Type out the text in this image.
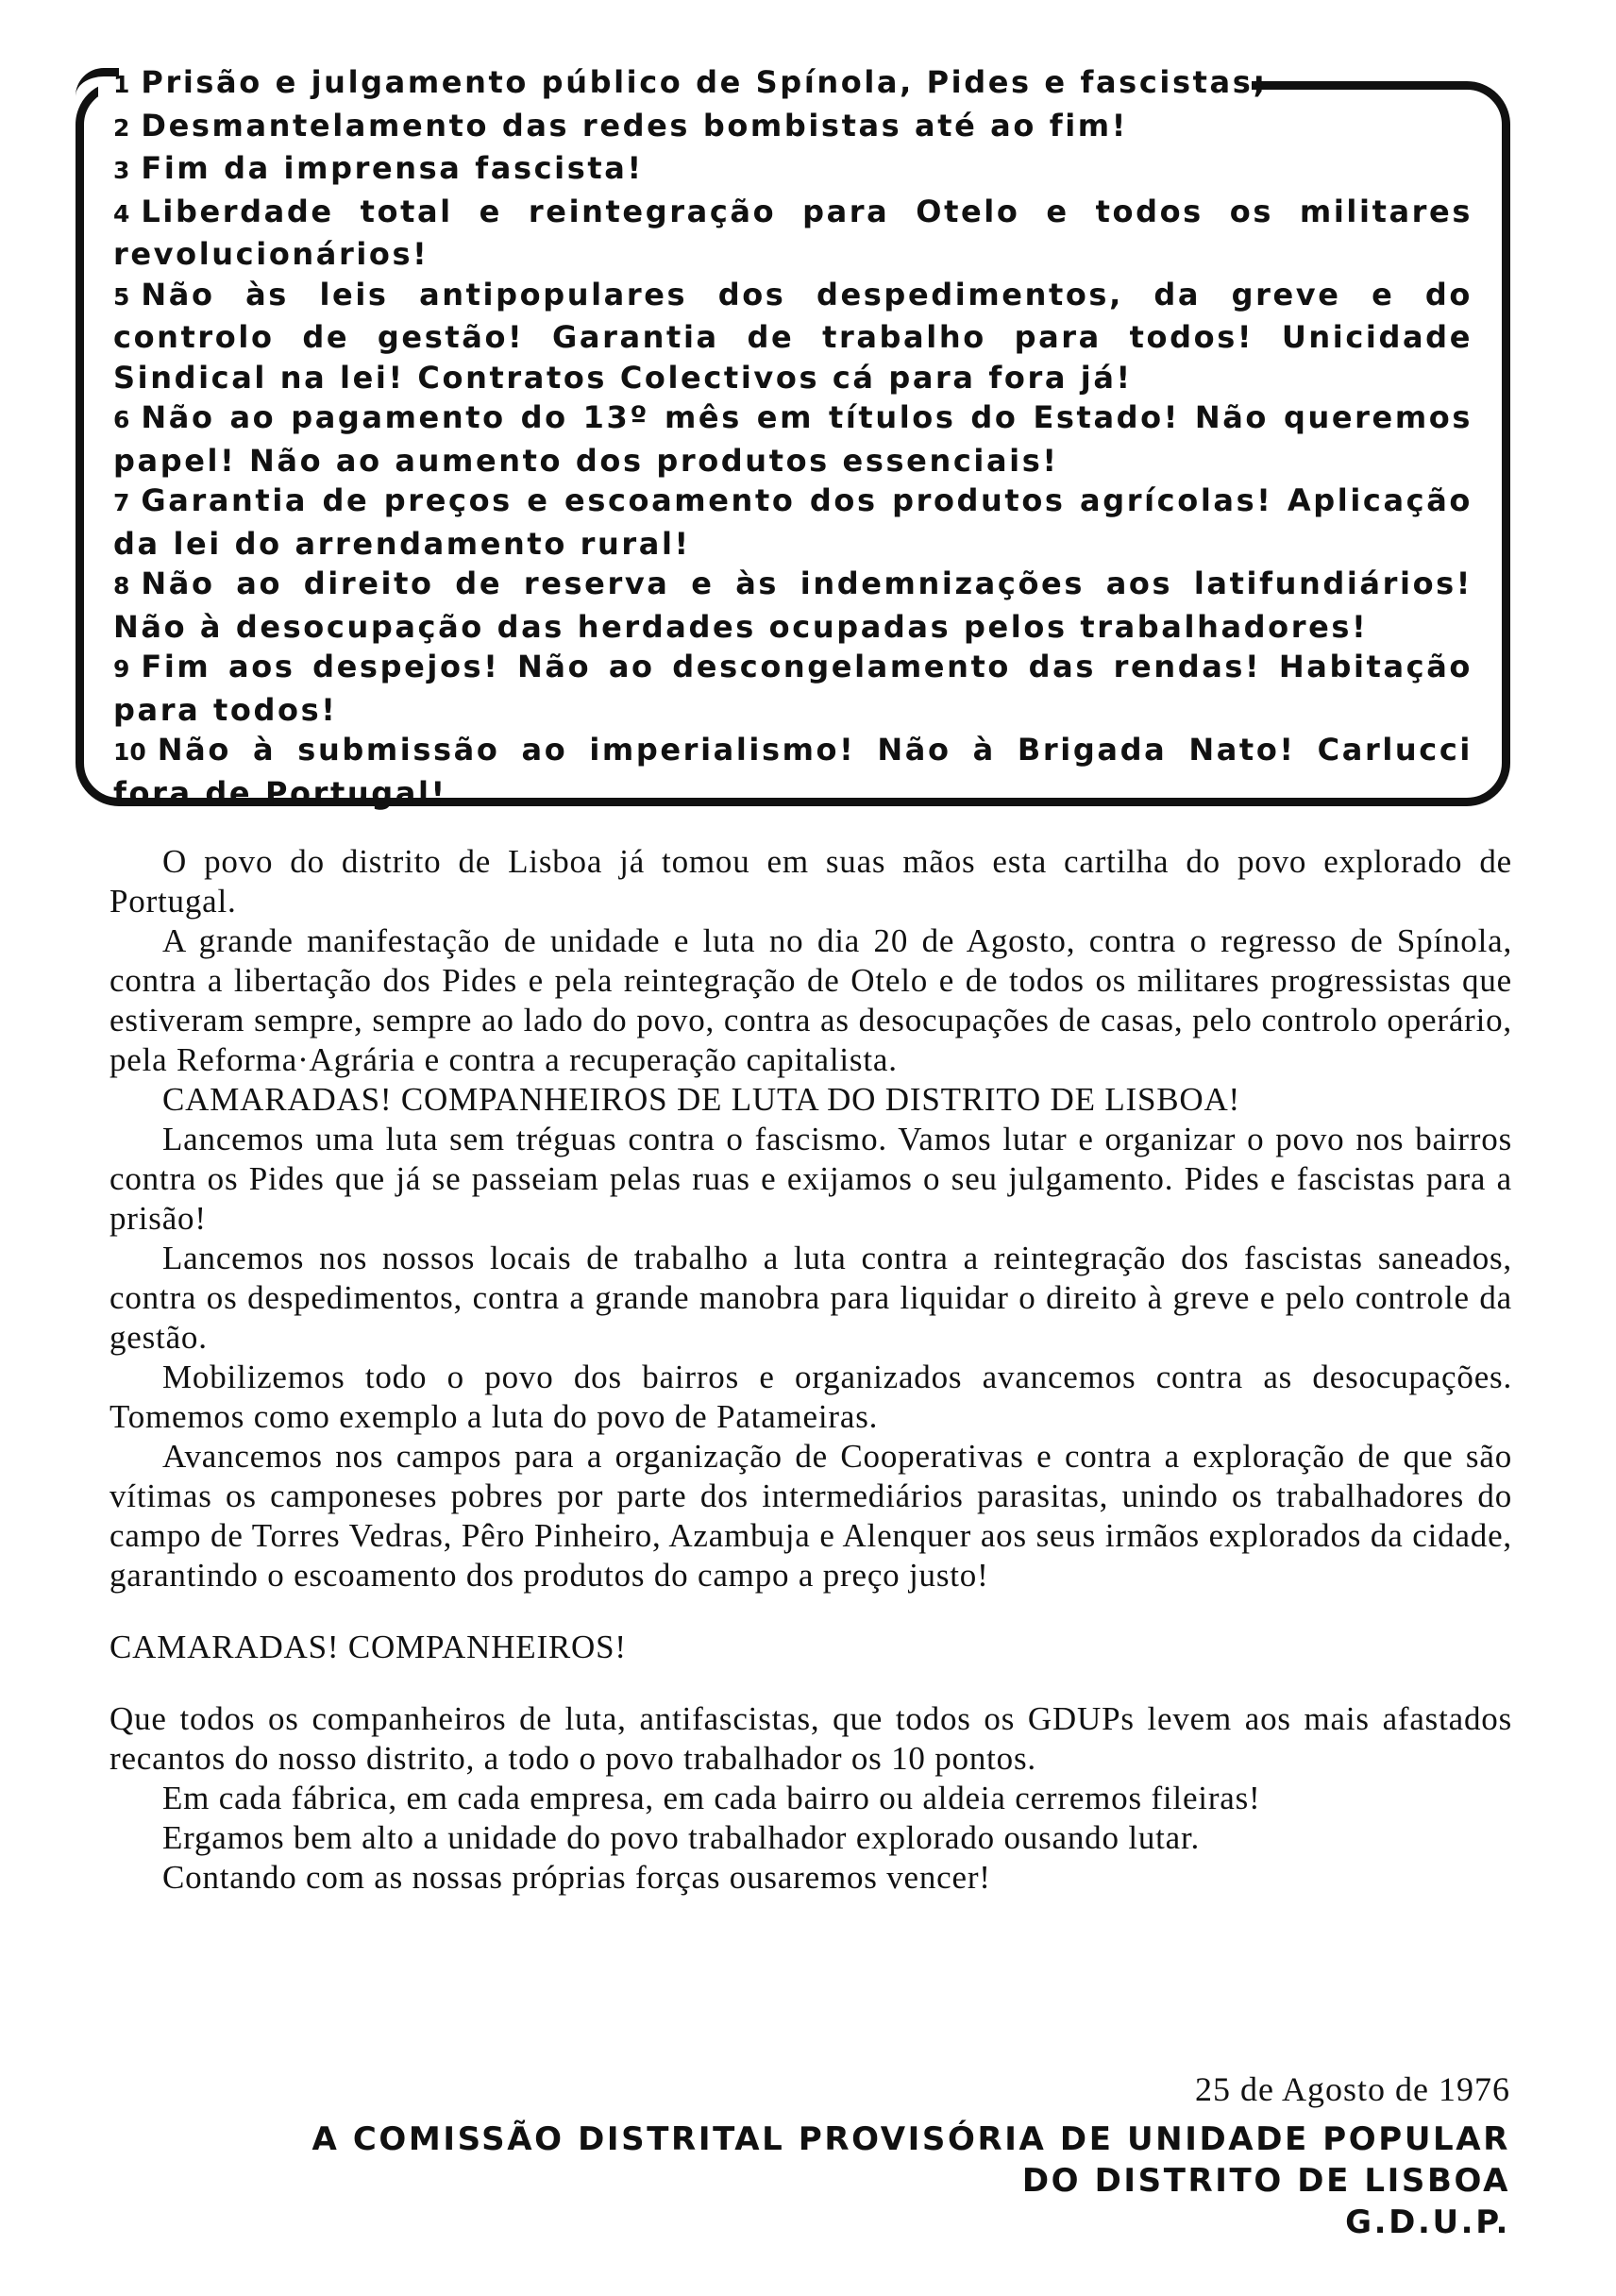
1 Prisão e julgamento público de Spínola, Pides e fascistas;

2 Desmantelamento das redes bombistas até ao fim!

3 Fim da imprensa fascista!

4 Liberdade total e reintegração para Otelo e todos os militares revolucionários!

5 Não às leis antipopulares dos despedimentos, da greve e do controlo de gestão! Garantia de trabalho para todos! Unicidade Sindical na lei! Contratos Colectivos cá para fora já!

6 Não ao pagamento do 13º mês em títulos do Estado! Não queremos papel! Não ao aumento dos produtos essenciais!

7 Garantia de preços e escoamento dos produtos agrícolas! Aplicação da lei do arrendamento rural!

8 Não ao direito de reserva e às indemnizações aos latifundiários! Não à desocupação das herdades ocupadas pelos trabalhadores!

9 Fim aos despejos! Não ao descongelamento das rendas! Habitação para todos!

10 Não à submissão ao imperialismo! Não à Brigada Nato! Carlucci fora de Portugal!

O povo do distrito de Lisboa já tomou em suas mãos esta cartilha do povo explorado de Portugal.

A grande manifestação de unidade e luta no dia 20 de Agosto, contra o regresso de Spínola, contra a libertação dos Pides e pela reintegração de Otelo e de todos os militares progressistas que estiveram sempre, sempre ao lado do povo, contra as desocupações de casas, pelo controlo operário, pela Reforma·Agrária e contra a recuperação capitalista.

CAMARADAS! COMPANHEIROS DE LUTA DO DISTRITO DE LISBOA!

Lancemos uma luta sem tréguas contra o fascismo. Vamos lutar e organizar o povo nos bairros contra os Pides que já se passeiam pelas ruas e exijamos o seu julgamento. Pides e fascistas para a prisão!

Lancemos nos nossos locais de trabalho a luta contra a reintegração dos fascistas saneados, contra os despedimentos, contra a grande manobra para liquidar o direito à greve e pelo controle da gestão.

Mobilizemos todo o povo dos bairros e organizados avancemos contra as desocupações. Tomemos como exemplo a luta do povo de Patameiras.

Avancemos nos campos para a organização de Cooperativas e contra a exploração de que são vítimas os camponeses pobres por parte dos intermediários parasitas, unindo os trabalhadores do campo de Torres Vedras, Pêro Pinheiro, Azambuja e Alenquer aos seus irmãos explorados da cidade, garantindo o escoamento dos produtos do campo a preço justo!

CAMARADAS! COMPANHEIROS!

Que todos os companheiros de luta, antifascistas, que todos os GDUPs levem aos mais afastados recantos do nosso distrito, a todo o povo trabalhador os 10 pontos.

Em cada fábrica, em cada empresa, em cada bairro ou aldeia cerremos fileiras!

Ergamos bem alto a unidade do povo trabalhador explorado ousando lutar.

Contando com as nossas próprias forças ousaremos vencer!

25 de Agosto de 1976
A COMISSÃO DISTRITAL PROVISÓRIA DE UNIDADE POPULAR
DO DISTRITO DE LISBOA
G.D.U.P.
